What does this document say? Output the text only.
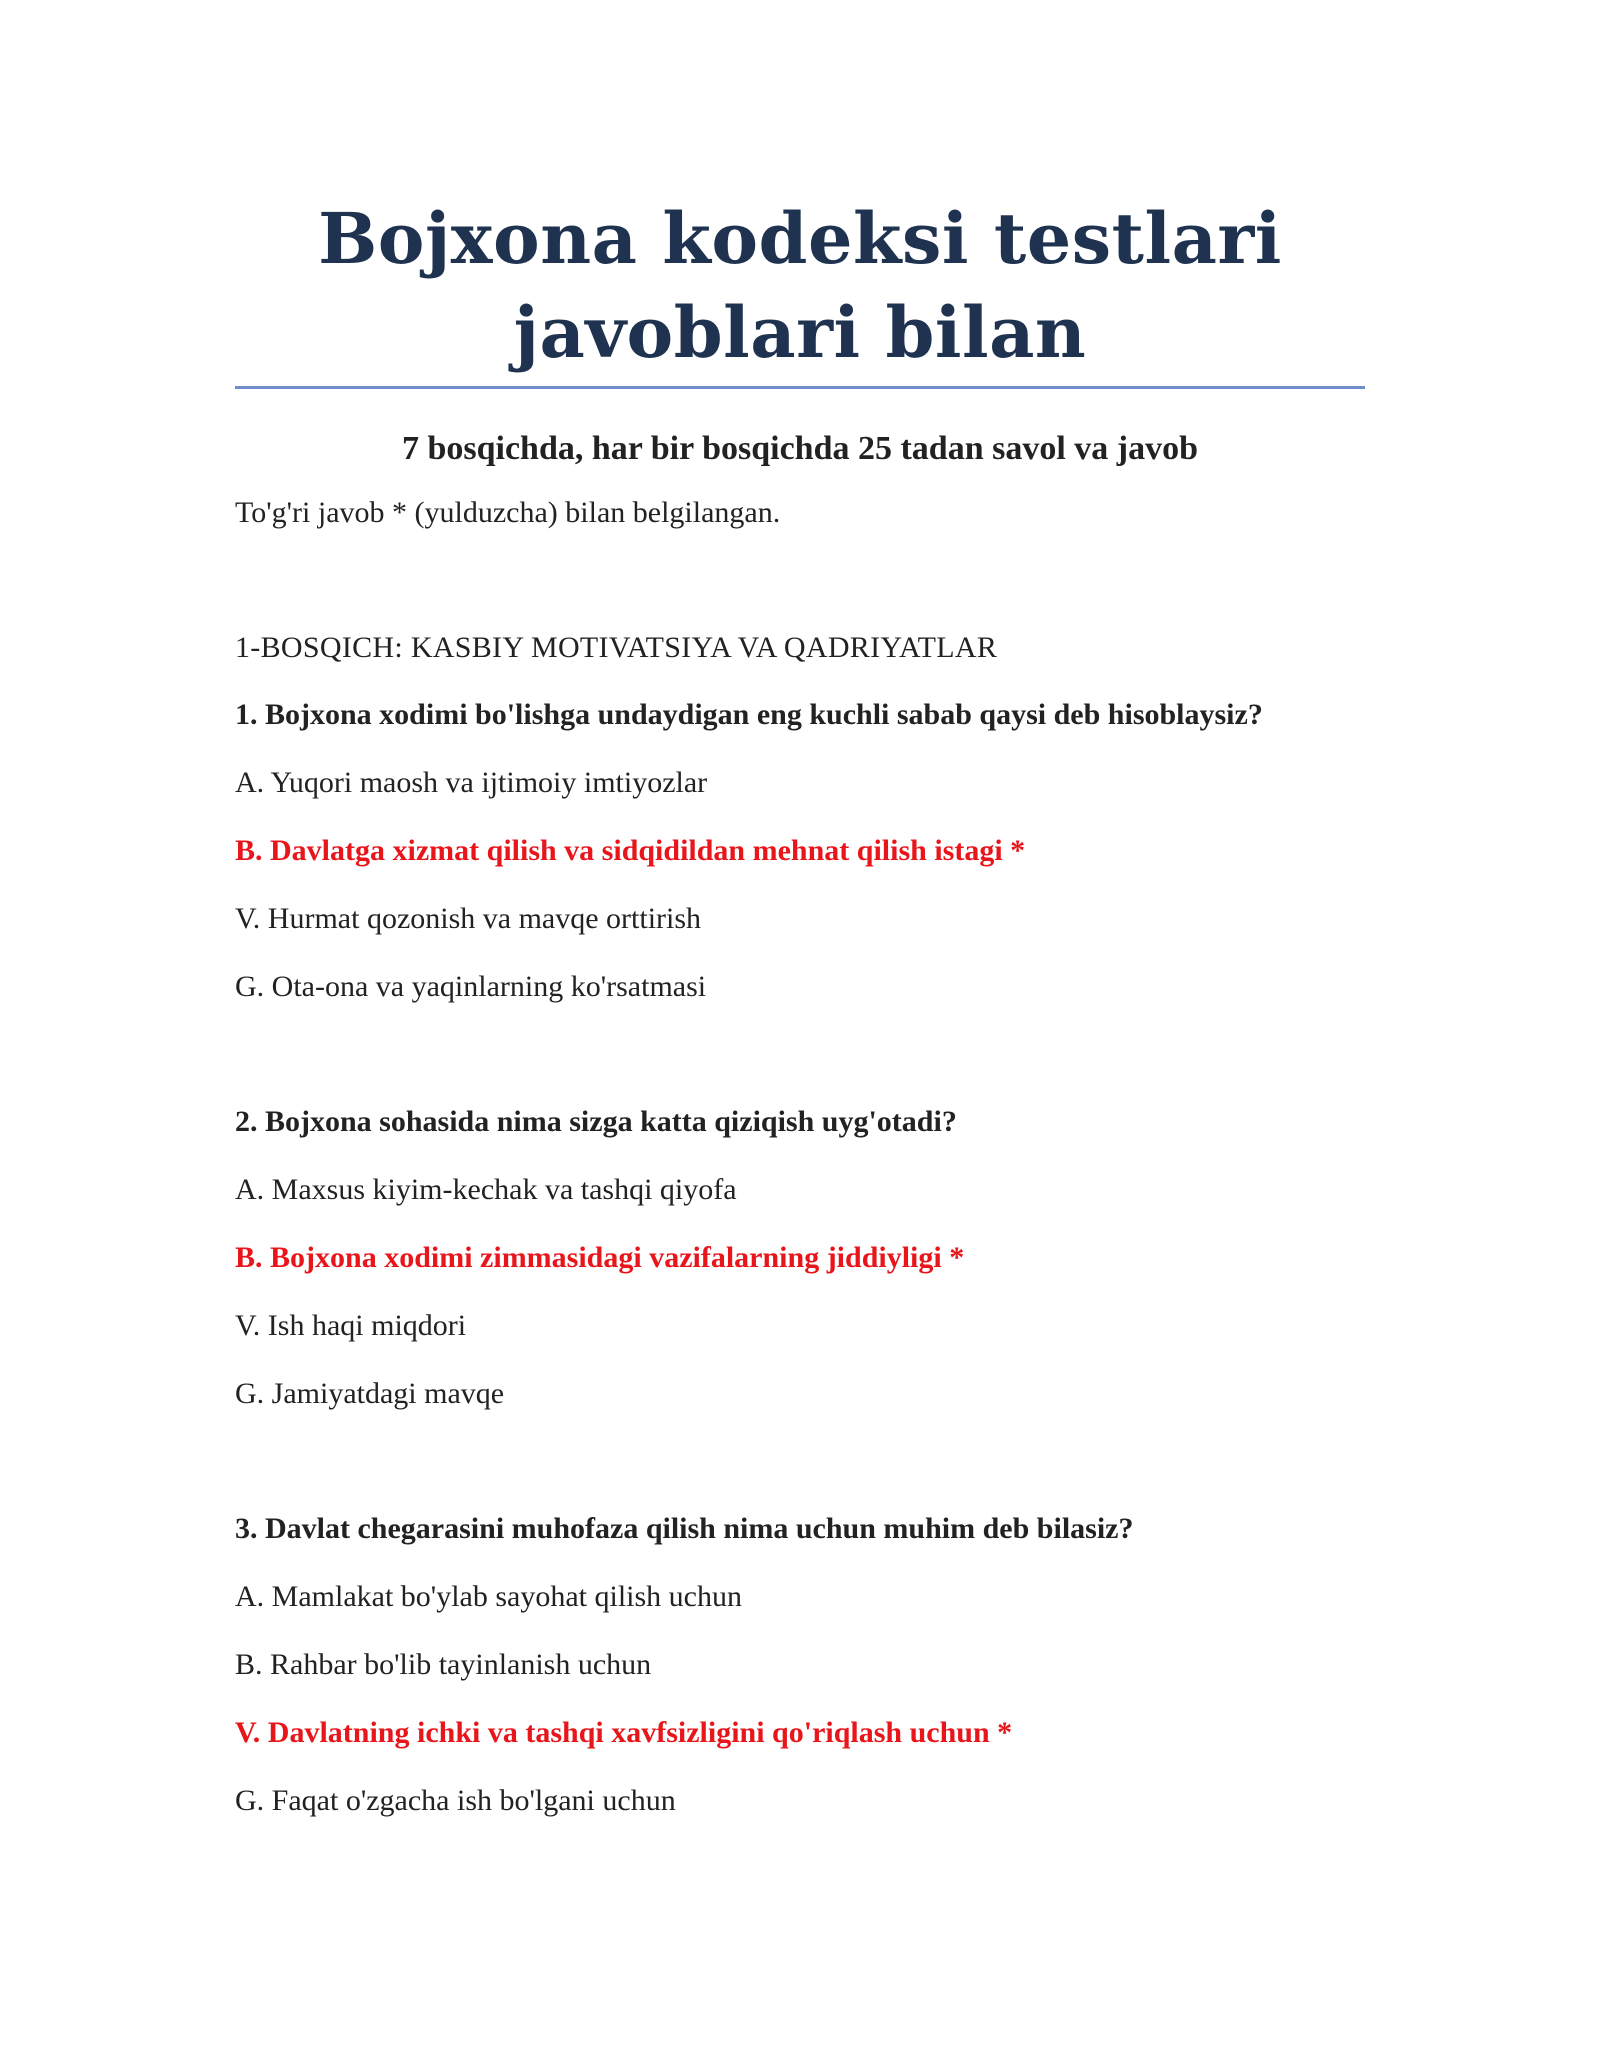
Bojxona kodeksi testlari
javoblari bilan
7 bosqichda, har bir bosqichda 25 tadan savol va javob
To'g'ri javob * (yulduzcha) bilan belgilangan.
1-BOSQICH: KASBIY MOTIVATSIYA VA QADRIYATLAR
1. Bojxona xodimi bo'lishga undaydigan eng kuchli sabab qaysi deb hisoblaysiz?
A. Yuqori maosh va ijtimoiy imtiyozlar
B. Davlatga xizmat qilish va sidqidildan mehnat qilish istagi *
V. Hurmat qozonish va mavqe orttirish
G. Ota-ona va yaqinlarning ko'rsatmasi
2. Bojxona sohasida nima sizga katta qiziqish uyg'otadi?
A. Maxsus kiyim-kechak va tashqi qiyofa
B. Bojxona xodimi zimmasidagi vazifalarning jiddiyligi *
V. Ish haqi miqdori
G. Jamiyatdagi mavqe
3. Davlat chegarasini muhofaza qilish nima uchun muhim deb bilasiz?
A. Mamlakat bo'ylab sayohat qilish uchun
B. Rahbar bo'lib tayinlanish uchun
V. Davlatning ichki va tashqi xavfsizligini qo'riqlash uchun *
G. Faqat o'zgacha ish bo'lgani uchun
